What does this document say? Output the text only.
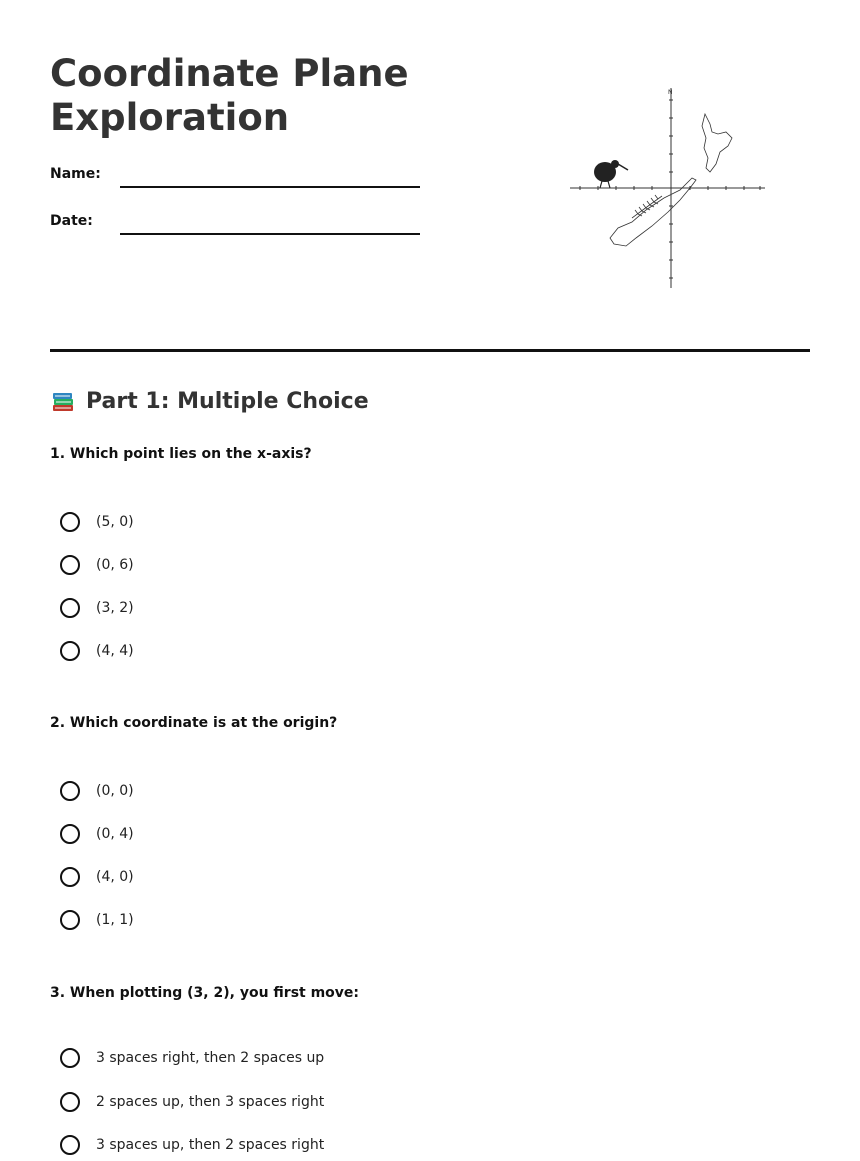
Coordinate Plane
Exploration
Name:
Date:
N
Part 1: Multiple Choice

1. Which point lies on the x-axis?

(5, 0)
(0, 6)
(3, 2)
(4, 4)

2. Which coordinate is at the origin?

(0, 0)
(0, 4)
(4, 0)
(1, 1)

3. When plotting (3, 2), you first move:

3 spaces right, then 2 spaces up
2 spaces up, then 3 spaces right
3 spaces up, then 2 spaces right
